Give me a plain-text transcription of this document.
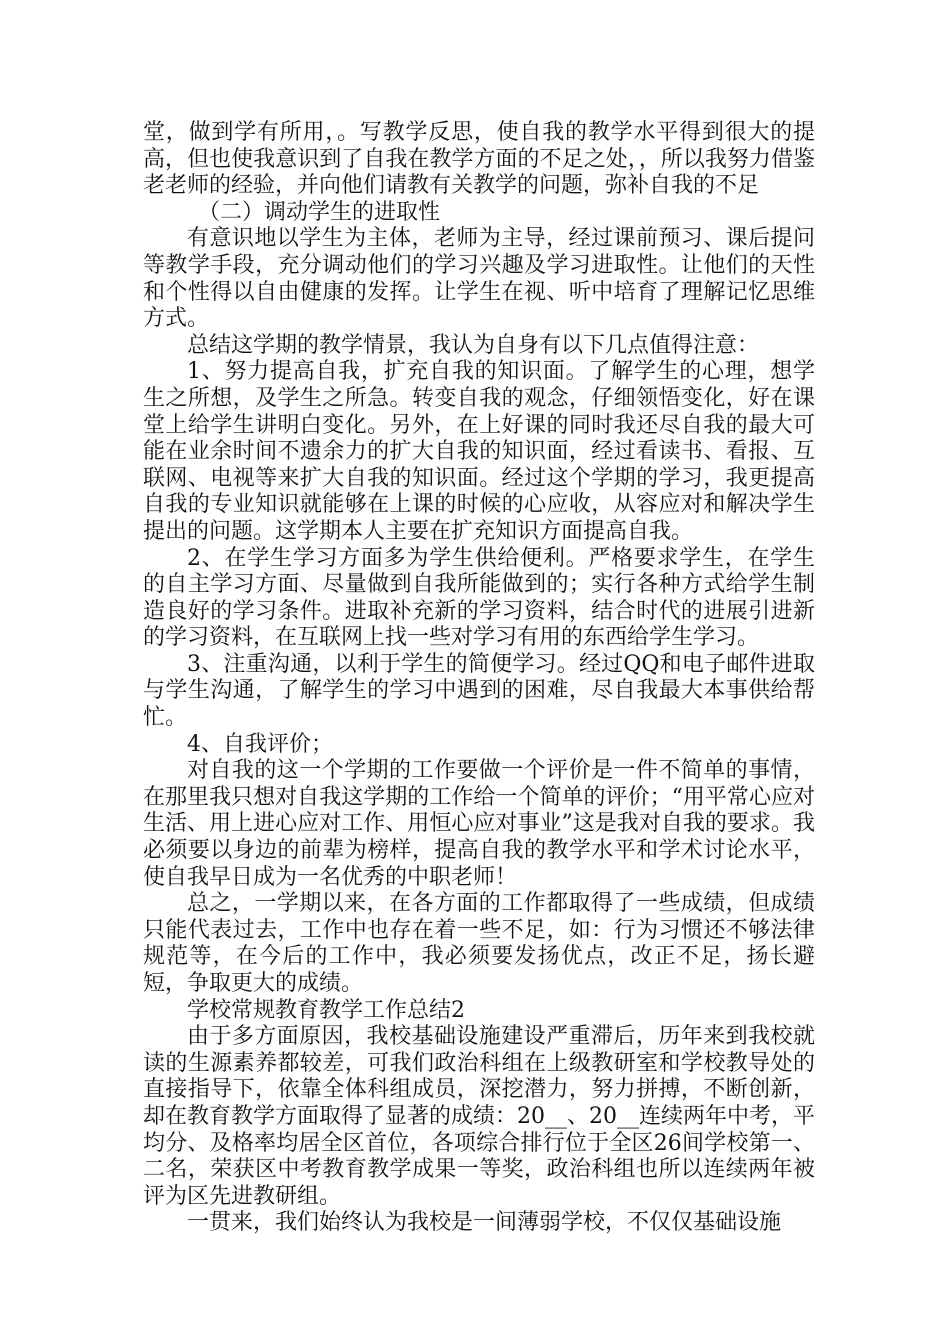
堂，做到学有所用，。写教学反思，使自我的教学水平得到很大的提高，但也使我意识到了自我在教学方面的不足之处，，所以我努力借鉴老老师的经验，并向他们请教有关教学的问题，弥补自我的不足

（二）调动学生的进取性

有意识地以学生为主体，老师为主导，经过课前预习、课后提问等教学手段，充分调动他们的学习兴趣及学习进取性。让他们的天性和个性得以自由健康的发挥。让学生在视、听中培育了理解记忆思维方式。

总结这学期的教学情景，我认为自身有以下几点值得注意：

1、努力提高自我，扩充自我的知识面。了解学生的心理，想学生之所想，及学生之所急。转变自我的观念，仔细领悟变化，好在课堂上给学生讲明白变化。另外，在上好课的同时我还尽自我的最大可能在业余时间不遗余力的扩大自我的知识面，经过看读书、看报、互联网、电视等来扩大自我的知识面。经过这个学期的学习，我更提高自我的专业知识就能够在上课的时候的心应收，从容应对和解决学生提出的问题。这学期本人主要在扩充知识方面提高自我。

2、在学生学习方面多为学生供给便利。严格要求学生，在学生的自主学习方面、尽量做到自我所能做到的；实行各种方式给学生制造良好的学习条件。进取补充新的学习资料，结合时代的进展引进新的学习资料，在互联网上找一些对学习有用的东西给学生学习。

3、注重沟通，以利于学生的简便学习。经过QQ和电子邮件进取与学生沟通，了解学生的学习中遇到的困难，尽自我最大本事供给帮忙。

4、自我评价；

对自我的这一个学期的工作要做一个评价是一件不简单的事情，在那里我只想对自我这学期的工作给一个简单的评价；“用平常心应对生活、用上进心应对工作、用恒心应对事业”这是我对自我的要求。我必须要以身边的前辈为榜样，提高自我的教学水平和学术讨论水平，使自我早日成为一名优秀的中职老师！

总之，一学期以来，在各方面的工作都取得了一些成绩，但成绩只能代表过去，工作中也存在着一些不足，如：行为习惯还不够法律规范等，在今后的工作中，我必须要发扬优点，改正不足，扬长避短，争取更大的成绩。

学校常规教育教学工作总结2

由于多方面原因，我校基础设施建设严重滞后，历年来到我校就读的生源素养都较差，可我们政治科组在上级教研室和学校教导处的直接指导下，依靠全体科组成员，深挖潜力，努力拼搏，不断创新，却在教育教学方面取得了显著的成绩：20__、20__连续两年中考，平均分、及格率均居全区首位，各项综合排行位于全区26间学校第一、二名，荣获区中考教育教学成果一等奖，政治科组也所以连续两年被评为区先进教研组。

一贯来，我们始终认为我校是一间薄弱学校，不仅仅基础设施
